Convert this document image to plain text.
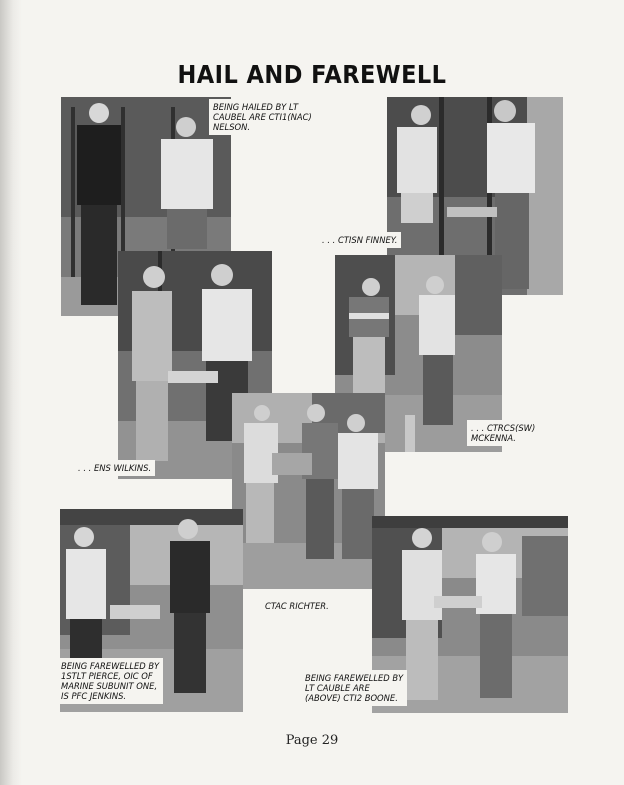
HAIL AND FAREWELL
BEING HAILED BY LT
CAUBEL ARE CTI1(NAC)
NELSON.
. . . CTISN FINNEY.
. . . ENS WILKINS.
. . . CTRCS(SW)
MCKENNA.
CTAC RICHTER.
BEING FAREWELLED BY
1STLT PIERCE, OIC OF
MARINE SUBUNIT ONE,
IS PFC JENKINS.
BEING FAREWELLED BY
LT CAUBLE ARE
(ABOVE) CTI2 BOONE.
Page 29
